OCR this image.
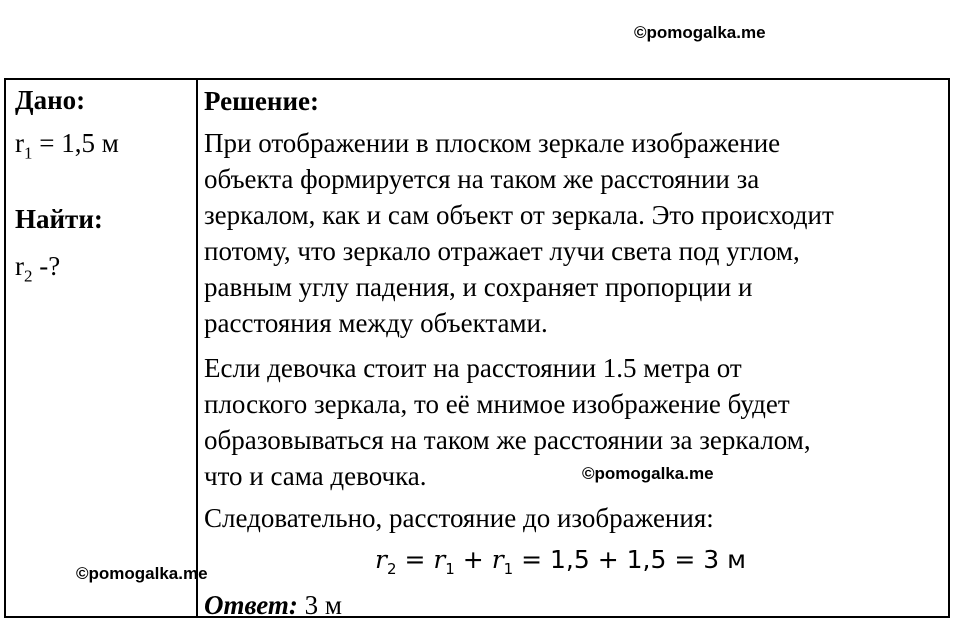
©pomogalka.me
Дано:
$r_1 = 1,5$ м
Найти:
$r_2$ -?
Решение:
При отображении в плоском зеркале изображение
объекта формируется на таком же расстоянии за
зеркалом, как и сам объект от зеркала. Это происходит
потому, что зеркало отражает лучи света под углом,
равным углу падения, и сохраняет пропорции и
расстояния между объектами.
Если девочка стоит на расстоянии 1.5 метра от
плоского зеркала, то её мнимое изображение будет
образовываться на таком же расстоянии за зеркалом,
что и сама девочка.
Следовательно, расстояние до изображения:
$r_2 = r_1 + r_1 = 1,5 + 1,5 = 3$ м
Ответ: 3 м
©pomogalka.me
©pomogalka.me
